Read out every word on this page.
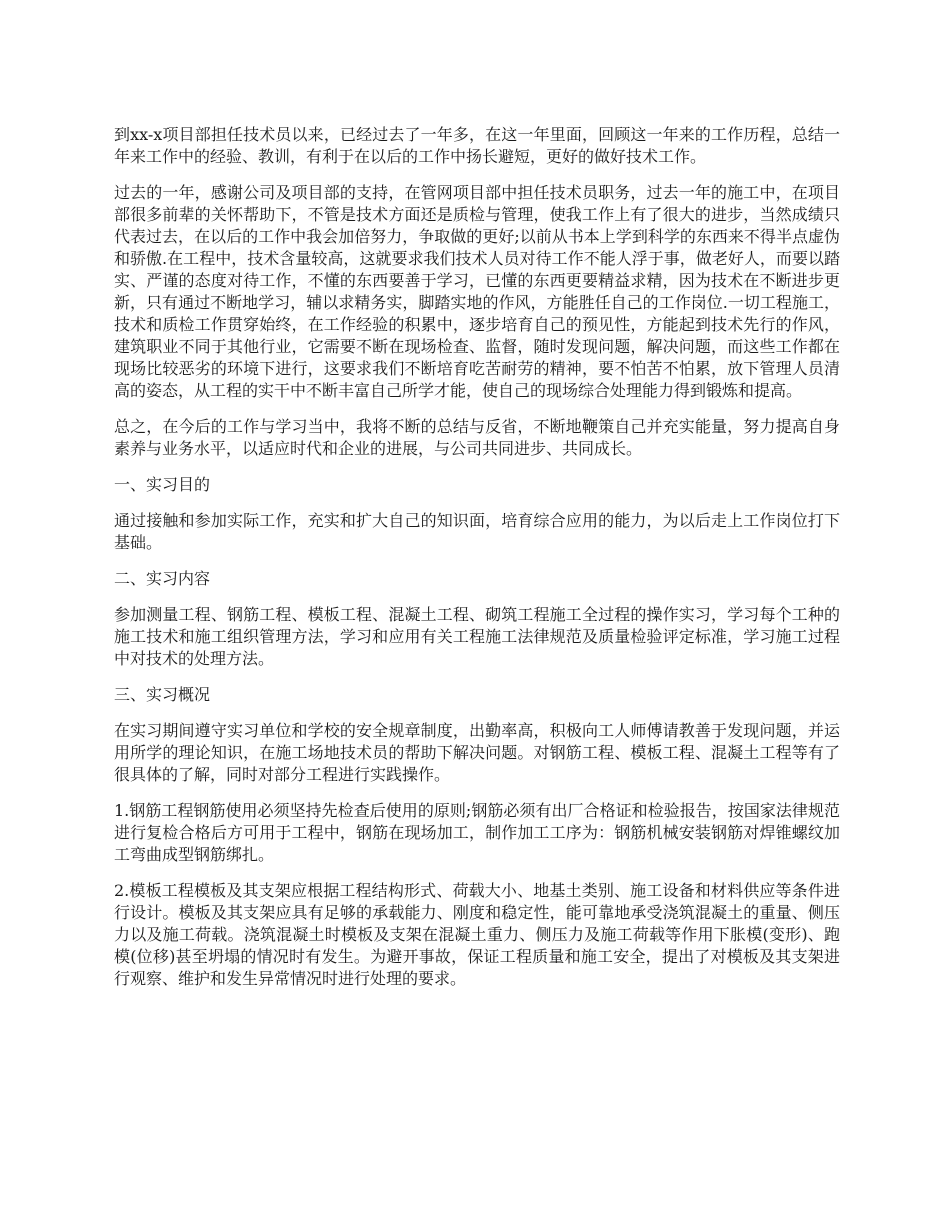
到xx-x项目部担任技术员以来，已经过去了一年多，在这一年里面，回顾这一年来的工作历程，总结一年来工作中的经验、教训，有利于在以后的工作中扬长避短，更好的做好技术工作。

过去的一年，感谢公司及项目部的支持，在管网项目部中担任技术员职务，过去一年的施工中，在项目部很多前辈的关怀帮助下，不管是技术方面还是质检与管理，使我工作上有了很大的进步，当然成绩只代表过去，在以后的工作中我会加倍努力，争取做的更好;以前从书本上学到科学的东西来不得半点虚伪和骄傲.在工程中，技术含量较高，这就要求我们技术人员对待工作不能人浮于事，做老好人，而要以踏实、严谨的态度对待工作，不懂的东西要善于学习，已懂的东西更要精益求精，因为技术在不断进步更新，只有通过不断地学习，辅以求精务实，脚踏实地的作风，方能胜任自己的工作岗位.一切工程施工，技术和质检工作贯穿始终，在工作经验的积累中，逐步培育自己的预见性，方能起到技术先行的作风，建筑职业不同于其他行业，它需要不断在现场检查、监督，随时发现问题，解决问题，而这些工作都在现场比较恶劣的环境下进行，这要求我们不断培育吃苦耐劳的精神，要不怕苦不怕累，放下管理人员清高的姿态，从工程的实干中不断丰富自己所学才能，使自己的现场综合处理能力得到锻炼和提高。

总之，在今后的工作与学习当中，我将不断的总结与反省，不断地鞭策自己并充实能量，努力提高自身素养与业务水平，以适应时代和企业的进展，与公司共同进步、共同成长。

一、实习目的

通过接触和参加实际工作，充实和扩大自己的知识面，培育综合应用的能力，为以后走上工作岗位打下基础。

二、实习内容

参加测量工程、钢筋工程、模板工程、混凝土工程、砌筑工程施工全过程的操作实习，学习每个工种的施工技术和施工组织管理方法，学习和应用有关工程施工法律规范及质量检验评定标准，学习施工过程中对技术的处理方法。

三、实习概况

在实习期间遵守实习单位和学校的安全规章制度，出勤率高，积极向工人师傅请教善于发现问题，并运用所学的理论知识，在施工场地技术员的帮助下解决问题。对钢筋工程、模板工程、混凝土工程等有了很具体的了解，同时对部分工程进行实践操作。

1.钢筋工程钢筋使用必须坚持先检查后使用的原则;钢筋必须有出厂合格证和检验报告，按国家法律规范进行复检合格后方可用于工程中，钢筋在现场加工，制作加工工序为：钢筋机械安装钢筋对焊锥螺纹加工弯曲成型钢筋绑扎。

2.模板工程模板及其支架应根据工程结构形式、荷载大小、地基土类别、施工设备和材料供应等条件进行设计。模板及其支架应具有足够的承载能力、刚度和稳定性，能可靠地承受浇筑混凝土的重量、侧压力以及施工荷载。浇筑混凝土时模板及支架在混凝土重力、侧压力及施工荷载等作用下胀模(变形)、跑模(位移)甚至坍塌的情况时有发生。为避开事故，保证工程质量和施工安全，提出了对模板及其支架进行观察、维护和发生异常情况时进行处理的要求。
